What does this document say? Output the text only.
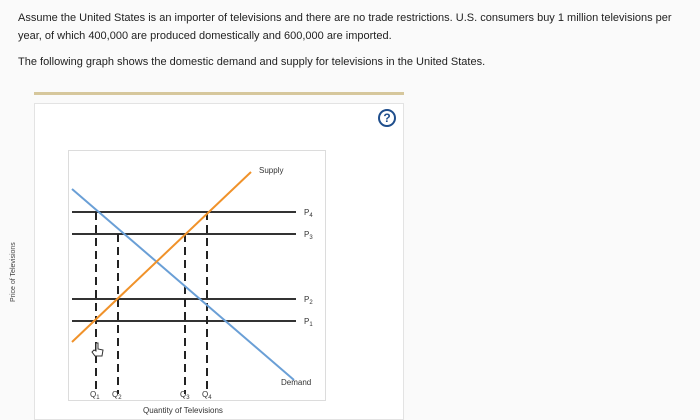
Assume the United States is an importer of televisions and there are no trade restrictions. U.S. consumers buy 1 million televisions per year, of which 400,000 are produced domestically and 600,000 are imported.
The following graph shows the domestic demand and supply for televisions in the United States.
?
Supply
Demand
$P_4$
$P_3$
$P_2$
$P_1$
$Q_1$ $Q_2$	$Q_3$ $Q_4$
Price of Televisions
Quantity of Televisions
